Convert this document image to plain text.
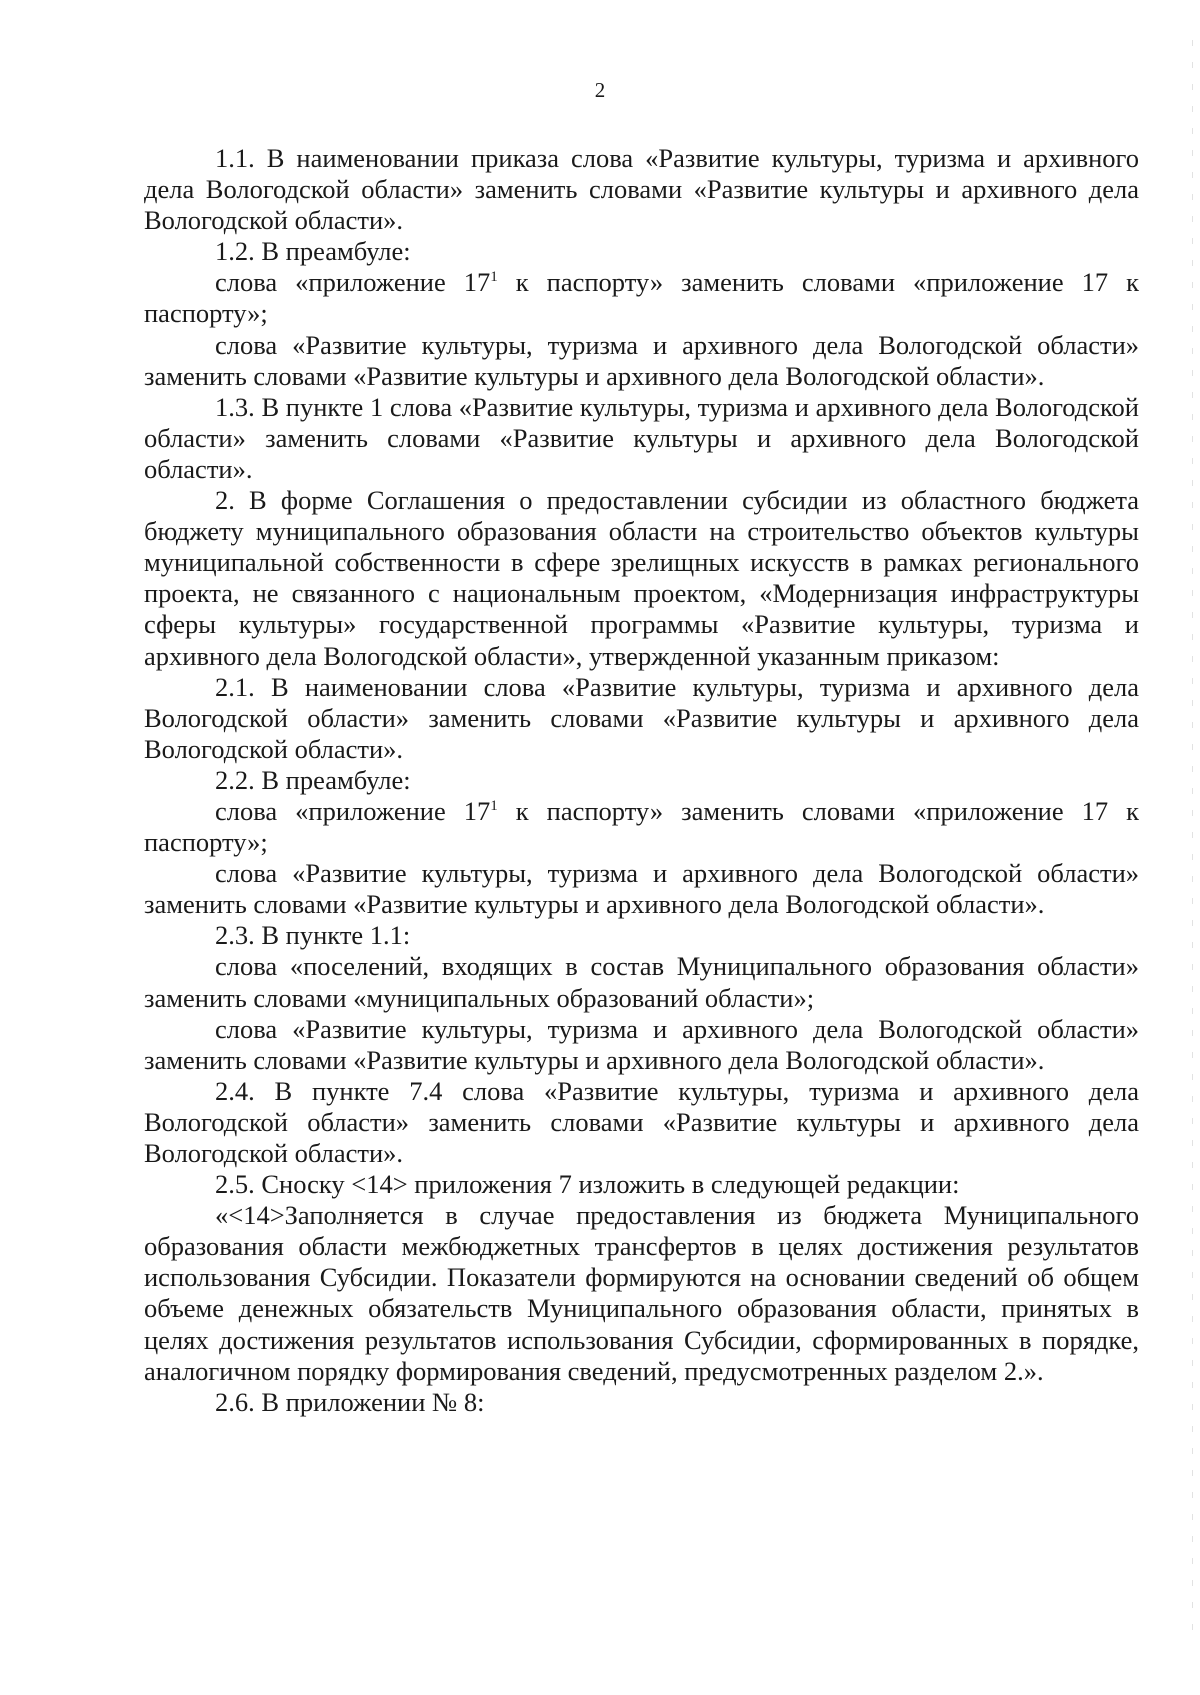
2

1.1. В наименовании приказа слова «Развитие культуры, туризма и архивного дела Вологодской области» заменить словами «Развитие культуры и архивного дела Вологодской области».

1.2. В преамбуле:

слова «приложение $17^1$ к паспорту» заменить словами «приложение 17 к паспорту»;

слова «Развитие культуры, туризма и архивного дела Вологодской области» заменить словами «Развитие культуры и архивного дела Вологодской области».

1.3. В пункте 1 слова «Развитие культуры, туризма и архивного дела Вологодской области» заменить словами «Развитие культуры и архивного дела Вологодской области».

2. В форме Соглашения о предоставлении субсидии из областного бюджета бюджету муниципального образования области на строительство объектов культуры муниципальной собственности в сфере зрелищных искусств в рамках регионального проекта, не связанного с национальным проектом, «Модернизация инфраструктуры сферы культуры» государственной программы «Развитие культуры, туризма и архивного дела Вологодской области», утвержденной указанным приказом:

2.1. В наименовании слова «Развитие культуры, туризма и архивного дела Вологодской области» заменить словами «Развитие культуры и архивного дела Вологодской области».

2.2. В преамбуле:

слова «приложение $17^1$ к паспорту» заменить словами «приложение 17 к паспорту»;

слова «Развитие культуры, туризма и архивного дела Вологодской области» заменить словами «Развитие культуры и архивного дела Вологодской области».

2.3. В пункте 1.1:

слова «поселений, входящих в состав Муниципального образования области» заменить словами «муниципальных образований области»;

слова «Развитие культуры, туризма и архивного дела Вологодской области» заменить словами «Развитие культуры и архивного дела Вологодской области».

2.4. В пункте 7.4 слова «Развитие культуры, туризма и архивного дела Вологодской области» заменить словами «Развитие культуры и архивного дела Вологодской области».

2.5. Сноску <14> приложения 7 изложить в следующей редакции:

«<14>Заполняется в случае предоставления из бюджета Муниципального образования области межбюджетных трансфертов в целях достижения результатов использования Субсидии. Показатели формируются на основании сведений об общем объеме денежных обязательств Муниципального образования области, принятых в целях достижения результатов использования Субсидии, сформированных в порядке, аналогичном порядку формирования сведений, предусмотренных разделом 2.».

2.6. В приложении № 8:
